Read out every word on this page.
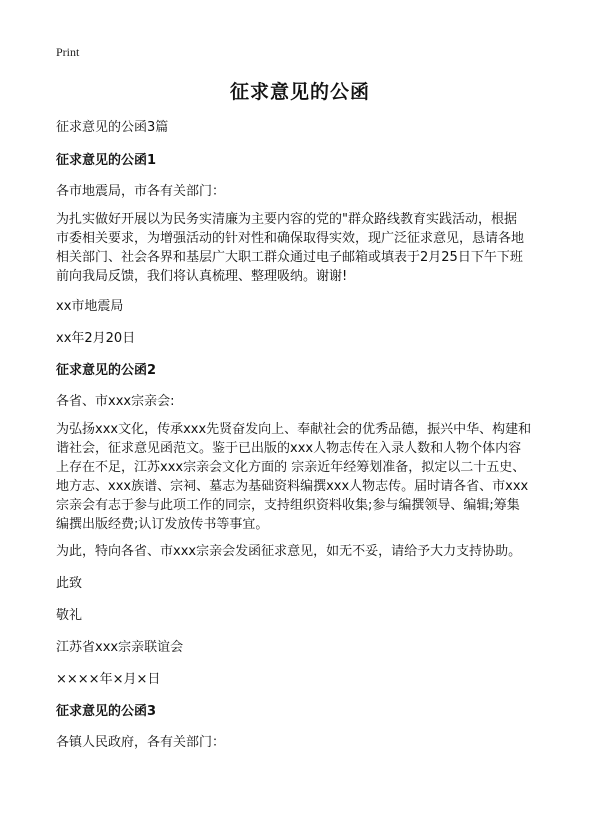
Print
征求意见的公函
征求意见的公函3篇
征求意见的公函1
各市地震局，市各有关部门：
为扎实做好开展以为民务实清廉为主要内容的党的"群众路线教育实践活动，根据
市委相关要求，为增强活动的针对性和确保取得实效，现广泛征求意见，恳请各地
相关部门、社会各界和基层广大职工群众通过电子邮箱或填表于2月25日下午下班
前向我局反馈，我们将认真梳理、整理吸纳。谢谢!
xx市地震局
xx年2月20日
征求意见的公函2
各省、市xxx宗亲会:
为弘扬xxx文化，传承xxx先贤奋发向上、奉献社会的优秀品德，振兴中华、构建和
谐社会，征求意见函范文。鉴于已出版的xxx人物志传在入录人数和人物个体内容
上存在不足，江苏xxx宗亲会文化方面的 宗亲近年经筹划准备，拟定以二十五史、
地方志、xxx族谱、宗祠、墓志为基础资料编撰xxx人物志传。届时请各省、市xxx
宗亲会有志于参与此项工作的同宗，支持组织资料收集;参与编撰领导、编辑;筹集
编撰出版经费;认订发放传书等事宜。
为此，特向各省、市xxx宗亲会发函征求意见，如无不妥，请给予大力支持协助。
此致
敬礼
江苏省xxx宗亲联谊会
××××年×月×日
征求意见的公函3
各镇人民政府，各有关部门：
